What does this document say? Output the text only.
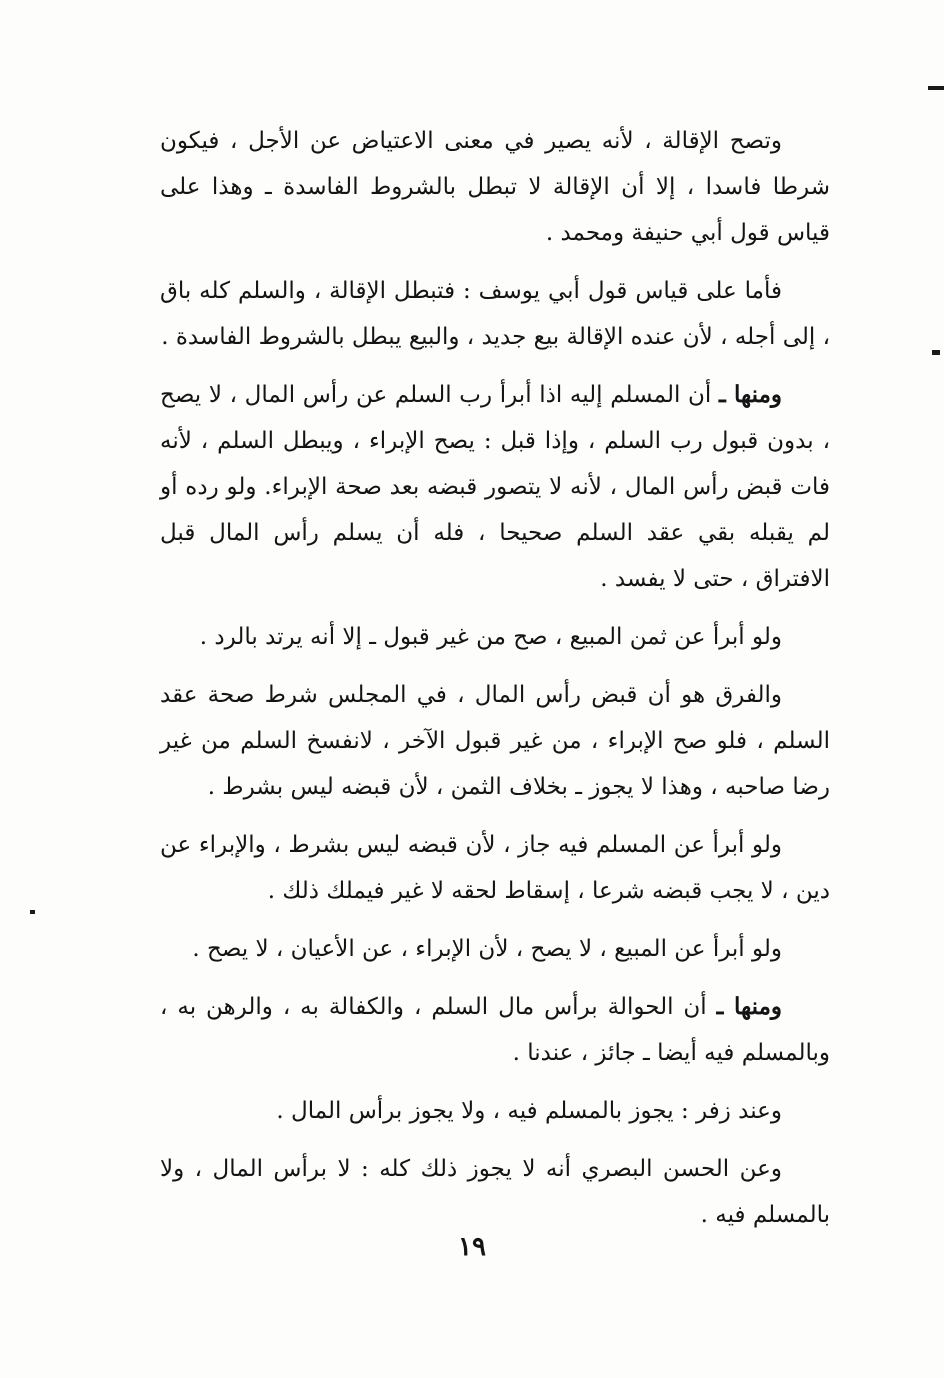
وتصح الإقالة ، لأنه يصير في معنى الاعتياض عن الأجل ، فيكون شرطا فاسدا ، إلا أن الإقالة لا تبطل بالشروط الفاسدة ـ وهذا على قياس قول أبي حنيفة ومحمد .

فأما على قياس قول أبي يوسف : فتبطل الإقالة ، والسلم كله باق ، إلى أجله ، لأن عنده الإقالة بيع جديد ، والبيع يبطل بالشروط الفاسدة .

ومنها ـ أن المسلم إليه اذا أبرأ رب السلم عن رأس المال ، لا يصح ، بدون قبول رب السلم ، وإذا قبل : يصح الإبراء ، ويبطل السلم ، لأنه فات قبض رأس المال ، لأنه لا يتصور قبضه بعد صحة الإبراء. ولو رده أو لم يقبله بقي عقد السلم صحيحا ، فله أن يسلم رأس المال قبل الافتراق ، حتى لا يفسد .

ولو أبرأ عن ثمن المبيع ، صح من غير قبول ـ إلا أنه يرتد بالرد .

والفرق هو أن قبض رأس المال ، في المجلس شرط صحة عقد السلم ، فلو صح الإبراء ، من غير قبول الآخر ، لانفسخ السلم من غير رضا صاحبه ، وهذا لا يجوز ـ بخلاف الثمن ، لأن قبضه ليس بشرط .

ولو أبرأ عن المسلم فيه جاز ، لأن قبضه ليس بشرط ، والإبراء عن دين ، لا يجب قبضه شرعا ، إسقاط لحقه لا غير فيملك ذلك .

ولو أبرأ عن المبيع ، لا يصح ، لأن الإبراء ، عن الأعيان ، لا يصح .

ومنها ـ أن الحوالة برأس مال السلم ، والكفالة به ، والرهن به ، وبالمسلم فيه أيضا ـ جائز ، عندنا .

وعند زفر : يجوز بالمسلم فيه ، ولا يجوز برأس المال .

وعن الحسن البصري أنه لا يجوز ذلك كله : لا برأس المال ، ولا بالمسلم فيه .

١٩
